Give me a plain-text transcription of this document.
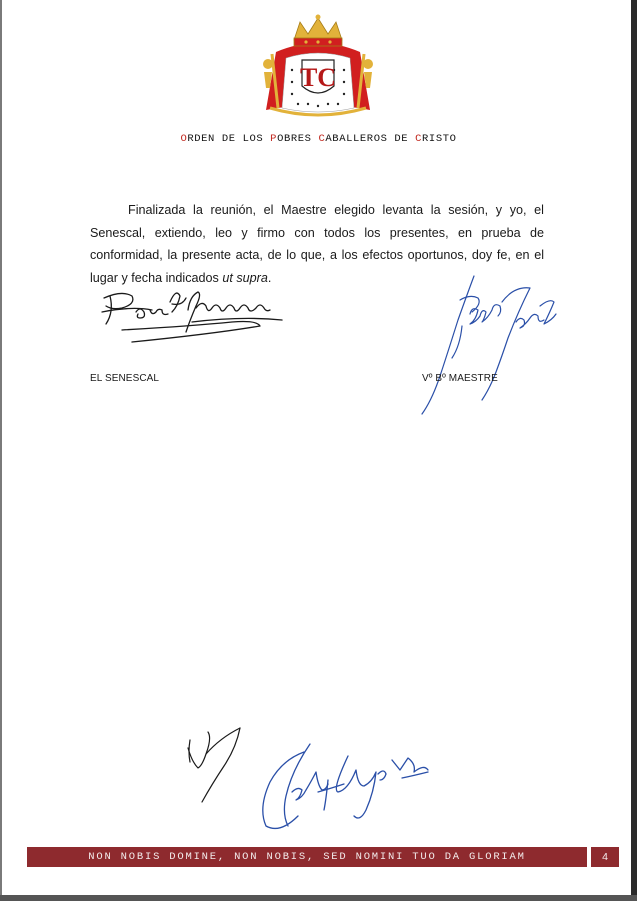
TC
ORDEN DE LOS POBRES CABALLEROS DE CRISTO
Finalizada la reunión, el Maestre elegido levanta la sesión, y yo, el Senescal, extiendo, leo y firmo con todos los presentes, en prueba de conformidad, la presente acta, de lo que, a los efectos oportunos, doy fe, en el lugar y fecha indicados ut supra.
EL SENESCAL	Vº Bº MAESTRE
NON NOBIS DOMINE, NON NOBIS, SED NOMINI TUO DA GLORIAM	4
